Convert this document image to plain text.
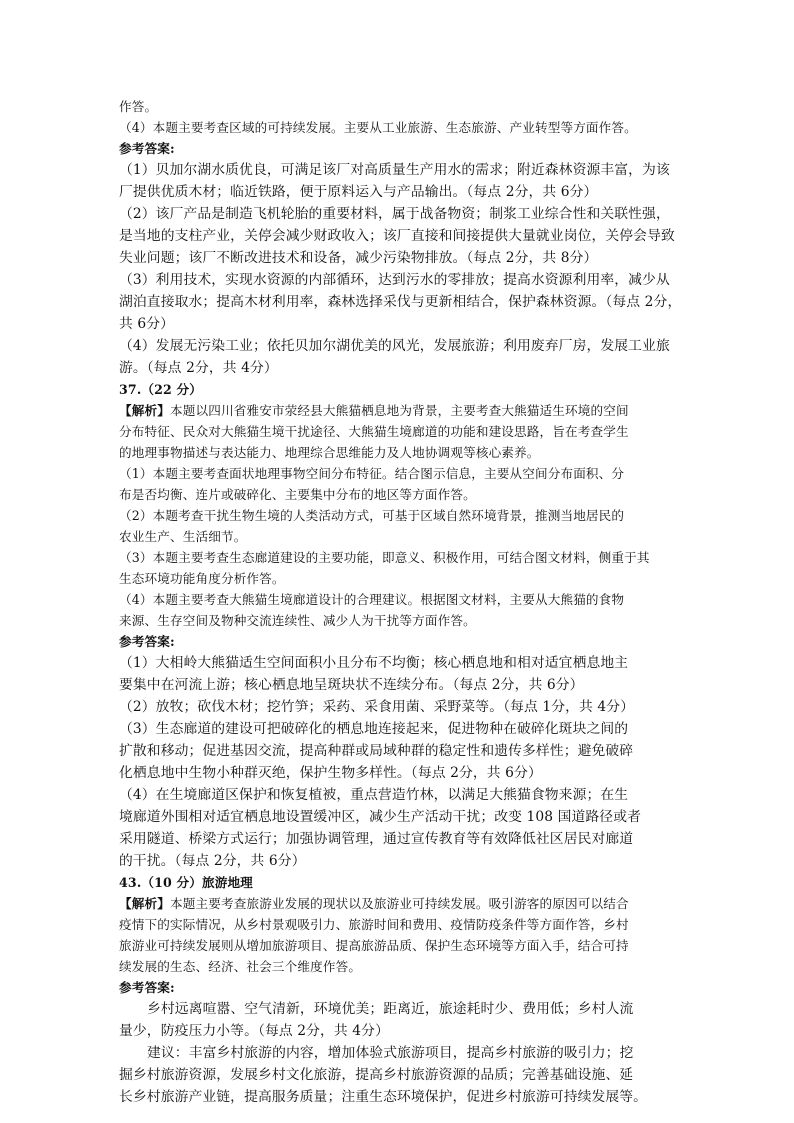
作答。

（4）本题主要考查区域的可持续发展。主要从工业旅游、生态旅游、产业转型等方面作答。

参考答案:

（1）贝加尔湖水质优良，可满足该厂对高质量生产用水的需求；附近森林资源丰富，为该

厂提供优质木材；临近铁路，便于原料运入与产品输出。（每点 2分，共 6分）

（2）该厂产品是制造飞机轮胎的重要材料，属于战备物资；制浆工业综合性和关联性强，

是当地的支柱产业，关停会减少财政收入；该厂直接和间接提供大量就业岗位，关停会导致

失业问题；该厂不断改进技术和设备，减少污染物排放。（每点 2分，共 8分）

（3）利用技术，实现水资源的内部循环，达到污水的零排放；提高水资源利用率，减少从

湖泊直接取水；提高木材利用率，森林选择采伐与更新相结合，保护森林资源。（每点 2分，

共 6分）

（4）发展无污染工业；依托贝加尔湖优美的风光，发展旅游；利用废弃厂房，发展工业旅

游。（每点 2分，共 4分）

37.（22 分）

【解析】本题以四川省雅安市荥经县大熊猫栖息地为背景，主要考查大熊猫适生环境的空间

分布特征、民众对大熊猫生境干扰途径、大熊猫生境廊道的功能和建设思路，旨在考查学生

的地理事物描述与表达能力、地理综合思维能力及人地协调观等核心素养。

（1）本题主要考查面状地理事物空间分布特征。结合图示信息，主要从空间分布面积、分

布是否均衡、连片或破碎化、主要集中分布的地区等方面作答。

（2）本题考查干扰生物生境的人类活动方式，可基于区域自然环境背景，推测当地居民的

农业生产、生活细节。

（3）本题主要考查生态廊道建设的主要功能，即意义、积极作用，可结合图文材料，侧重于其

生态环境功能角度分析作答。

（4）本题主要考查大熊猫生境廊道设计的合理建议。根据图文材料，主要从大熊猫的食物

来源、生存空间及物种交流连续性、减少人为干扰等方面作答。

参考答案:

（1）大相岭大熊猫适生空间面积小且分布不均衡；核心栖息地和相对适宜栖息地主

要集中在河流上游；核心栖息地呈斑块状不连续分布。（每点 2分，共 6分）

（2）放牧；砍伐木材；挖竹笋；采药、采食用菌、采野菜等。（每点 1分，共 4分）

（3）生态廊道的建设可把破碎化的栖息地连接起来，促进物种在破碎化斑块之间的

扩散和移动；促进基因交流，提高种群或局域种群的稳定性和遗传多样性；避免破碎

化栖息地中生物小种群灭绝，保护生物多样性。（每点 2分，共 6分）

（4）在生境廊道区保护和恢复植被，重点营造竹林，以满足大熊猫食物来源；在生

境廊道外围相对适宜栖息地设置缓冲区，减少生产活动干扰；改变 108 国道路径或者

采用隧道、桥梁方式运行；加强协调管理，通过宣传教育等有效降低社区居民对廊道

的干扰。（每点 2分，共 6分）

43.（10 分）旅游地理

【解析】本题主要考查旅游业发展的现状以及旅游业可持续发展。吸引游客的原因可以结合

疫情下的实际情况，从乡村景观吸引力、旅游时间和费用、疫情防疫条件等方面作答，乡村

旅游业可持续发展则从增加旅游项目、提高旅游品质、保护生态环境等方面入手，结合可持

续发展的生态、经济、社会三个维度作答。

参考答案:

乡村远离喧嚣、空气清新，环境优美；距离近，旅途耗时少、费用低；乡村人流

量少，防疫压力小等。（每点 2分，共 4分）

建议：丰富乡村旅游的内容，增加体验式旅游项目，提高乡村旅游的吸引力；挖

掘乡村旅游资源，发展乡村文化旅游，提高乡村旅游资源的品质；完善基础设施、延

长乡村旅游产业链，提高服务质量；注重生态环境保护，促进乡村旅游可持续发展等。
